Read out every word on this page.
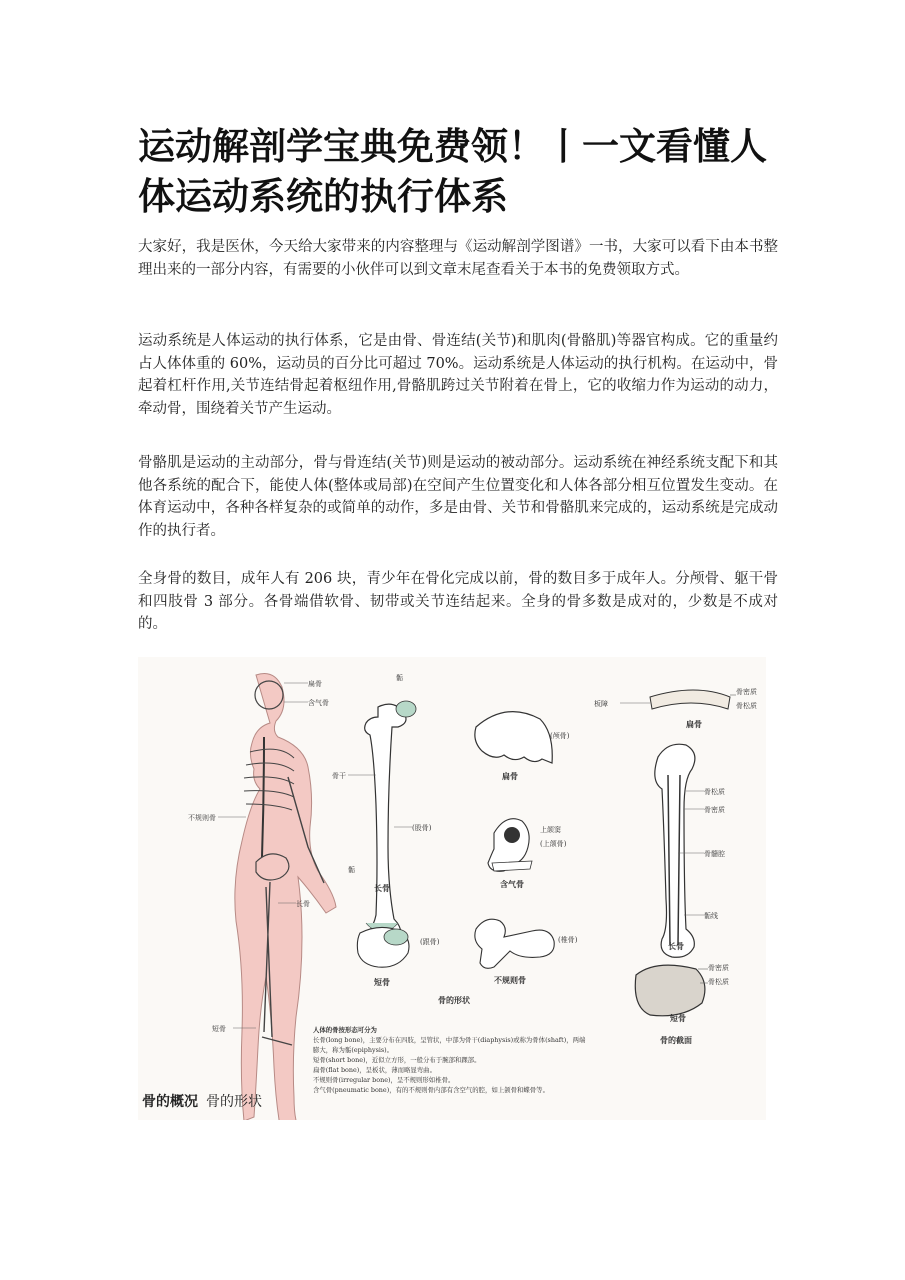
运动解剖学宝典免费领！丨一文看懂人体运动系统的执行体系

大家好，我是医休，今天给大家带来的内容整理与《运动解剖学图谱》一书，大家可以看下由本书整理出来的一部分内容，有需要的小伙伴可以到文章末尾查看关于本书的免费领取方式。

运动系统是人体运动的执行体系，它是由骨、骨连结(关节)和肌肉(骨骼肌)等器官构成。它的重量约占人体体重的 60%，运动员的百分比可超过 70%。运动系统是人体运动的执行机构。在运动中，骨起着杠杆作用,关节连结骨起着枢纽作用,骨骼肌跨过关节附着在骨上，它的收缩力作为运动的动力，牵动骨，围绕着关节产生运动。

骨骼肌是运动的主动部分，骨与骨连结(关节)则是运动的被动部分。运动系统在神经系统支配下和其他各系统的配合下，能使人体(整体或局部)在空间产生位置变化和人体各部分相互位置发生变动。在体育运动中，各种各样复杂的或简单的动作，多是由骨、关节和骨骼肌来完成的，运动系统是完成动作的执行者。

全身骨的数目，成年人有 206 块，青少年在骨化完成以前，骨的数目多于成年人。分颅骨、躯干骨和四肢骨 3 部分。各骨端借软骨、韧带或关节连结起来。全身的骨多数是成对的，少数是不成对的。

扁骨
含气骨
不规则骨
长骨
短骨
骺
骨干
(股骨)
骺
长骨
(颅骨)
扁骨
上颌窦
(上颌骨)
含气骨
(跟骨)
短骨
(椎骨)
不规则骨
骨的形状
板障
骨密质
骨松质
扁骨
骨松质
骨密质
骨髓腔
骺线
长骨
骨密质
骨松质
短骨
骨的截面
人体的骨按形态可分为
长骨(long bone)，主要分布在四肢，呈管状，中部为骨干(diaphysis)或称为骨体(shaft)，两端
膨大，称为骺(epiphysis)。
短骨(short bone)，近似立方形，一般分布于腕部和踝部。
扁骨(flat bone)，呈板状，薄而略显弯曲。
不规则骨(irregular bone)，呈不规则形如椎骨。
含气骨(pneumatic bone)，有的不规则骨内部有含空气的腔，如上颌骨和蝶骨等。
骨的概况 骨的形状
